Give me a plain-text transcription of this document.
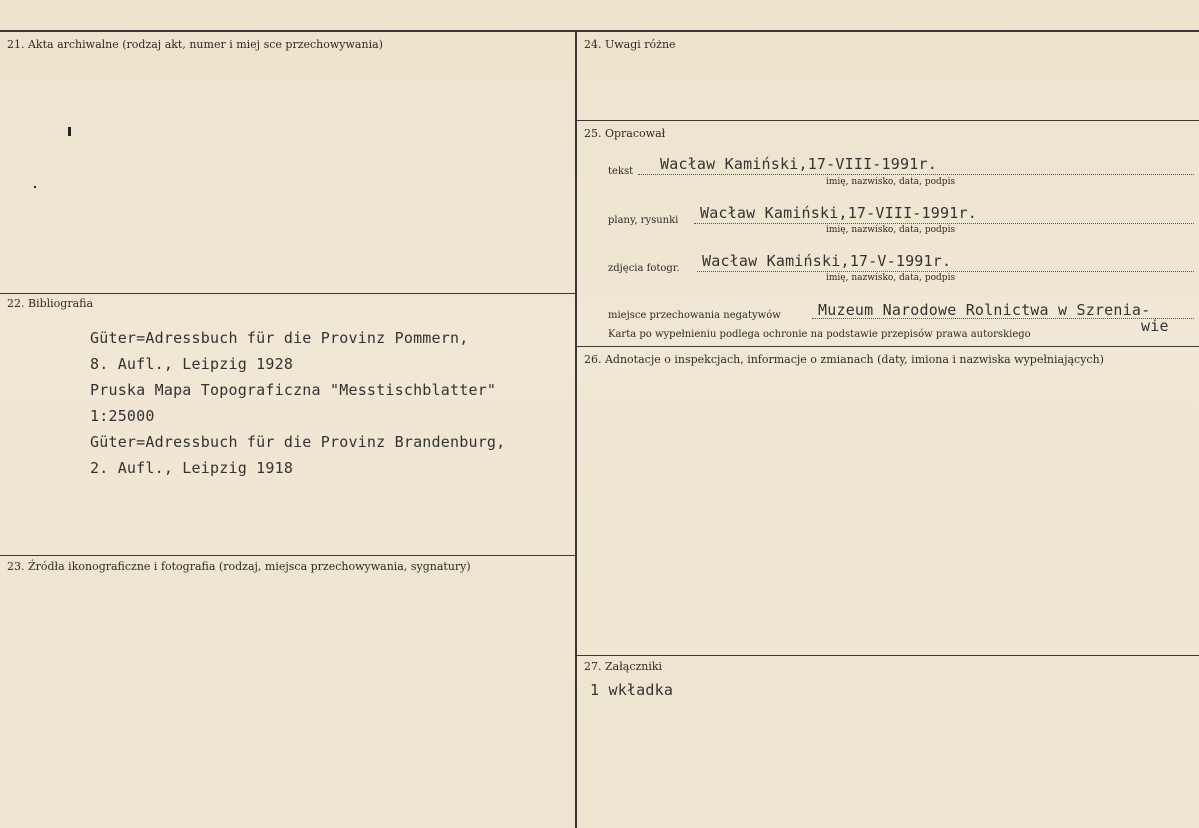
21. Akta archiwalne (rodzaj akt, numer i miej sce przechowywania)
22. Bibliografia
Güter=Adressbuch für die Provinz Pommern,
8. Aufl., Leipzig 1928
Pruska Mapa Topograficzna "Messtischblatter"
1:25000
Güter=Adressbuch für die Provinz Brandenburg,
2. Aufl., Leipzig 1918
23. Źródła ikonograficzne i fotografia (rodzaj, miejsca przechowywania, sygnatury)
24. Uwagi różne
25. Opracował
tekst Wacław Kamiński,17-VIII-1991r.
imię, nazwisko, data, podpis
plany, rysunki Wacław Kamiński,17-VIII-1991r.
imię, nazwisko, data, podpis
zdjęcia fotogr. Wacław Kamiński,17-V-1991r.
imię, nazwisko, data, podpis
miejsce przechowania negatywów Muzeum Narodowe Rolnictwa w Szrenia-
wie
Karta po wypełnieniu podlega ochronie na podstawie przepisów prawa autorskiego
26. Adnotacje o inspekcjach, informacje o zmianach (daty, imiona i nazwiska wypełniających)
27. Załączniki
1 wkładka
